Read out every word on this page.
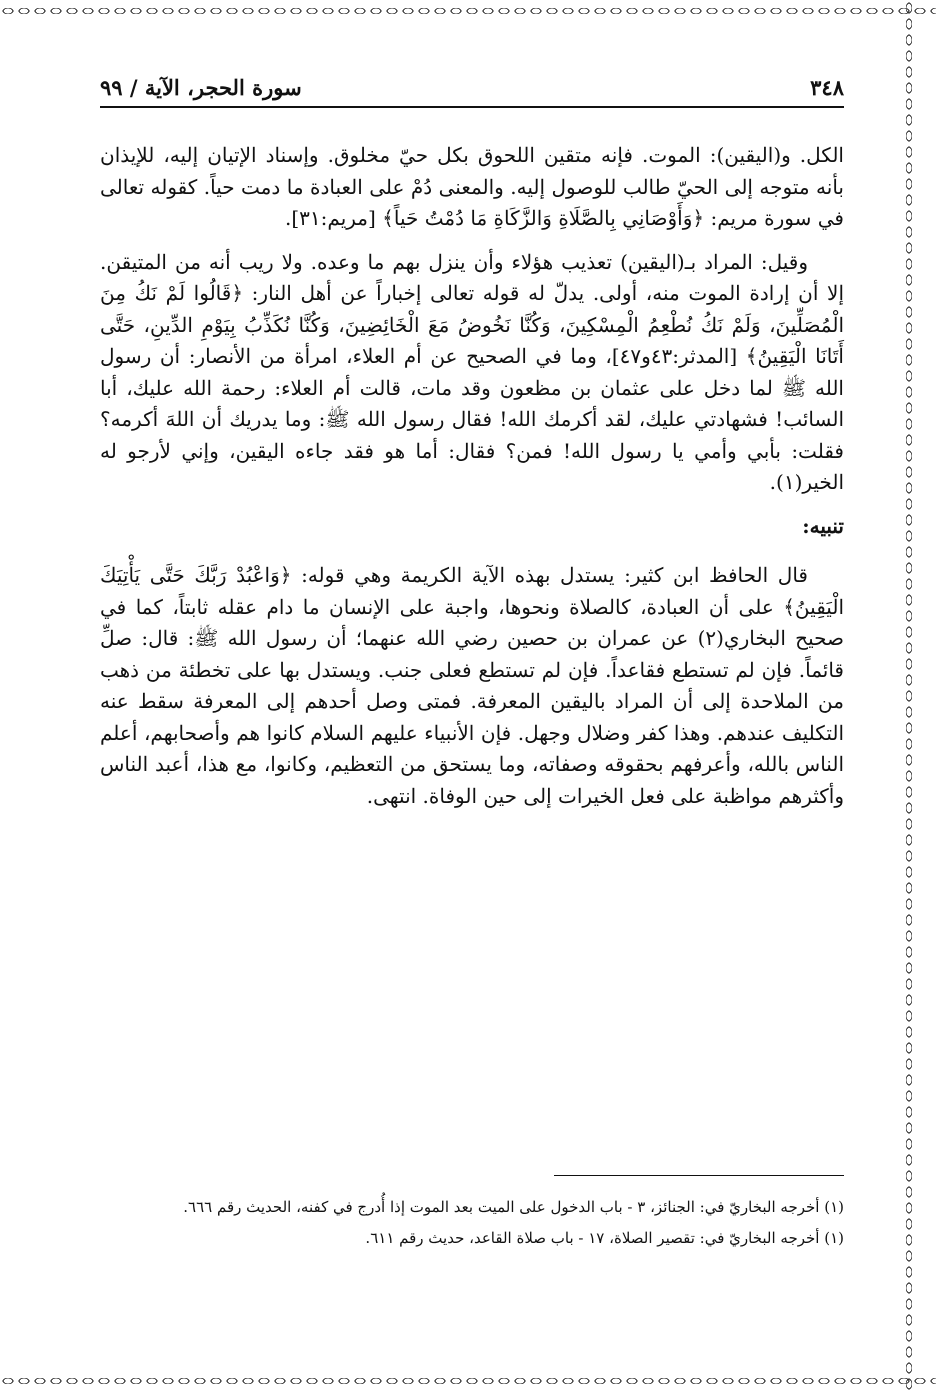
٣٤٨
سورة الحجر، الآية / ٩٩

الكل. و(اليقين): الموت. فإنه متقين اللحوق بكل حيّ مخلوق. وإسناد الإتيان إليه، للإيذان بأنه متوجه إلى الحيّ طالب للوصول إليه. والمعنى دُمْ على العبادة ما دمت حياً. كقوله تعالى في سورة مريم: ﴿وَأَوْصَانِي بِالصَّلَاةِ وَالزَّكَاةِ مَا دُمْتُ حَياً﴾ [مريم:٣١].

وقيل: المراد بـ(اليقين) تعذيب هؤلاء وأن ينزل بهم ما وعده. ولا ريب أنه من المتيقن. إلا أن إرادة الموت منه، أولى. يدلّ له قوله تعالى إخباراً عن أهل النار: ﴿قَالُوا لَمْ نَكُ مِنَ الْمُصَلِّينَ، وَلَمْ نَكُ نُطْعِمُ الْمِسْكِينَ، وَكُنَّا نَخُوضُ مَعَ الْخَائِضِينَ، وَكُنَّا نُكَذِّبُ بِيَوْمِ الدِّينِ، حَتَّى أَتَانَا الْيَقِينُ﴾ [المدثر:٤٣و٤٧]، وما في الصحيح عن أم العلاء، امرأة من الأنصار: أن رسول الله ﷺ لما دخل على عثمان بن مظعون وقد مات، قالت أم العلاء: رحمة الله عليك، أبا السائب! فشهادتي عليك، لقد أكرمك الله! فقال رسول الله ﷺ: وما يدريك أن اللهَ أكرمه؟ فقلت: بأبي وأمي يا رسول الله! فمن؟ فقال: أما هو فقد جاءه اليقين، وإني لأرجو له الخير(١).

تنبيه:

قال الحافظ ابن كثير: يستدل بهذه الآية الكريمة وهي قوله: ﴿وَاعْبُدْ رَبَّكَ حَتَّى يَأْتِيَكَ الْيَقِينُ﴾ على أن العبادة، كالصلاة ونحوها، واجبة على الإنسان ما دام عقله ثابتاً، كما في صحيح البخاري(٢) عن عمران بن حصين رضي الله عنهما؛ أن رسول الله ﷺ: قال: صلِّ قائماً. فإن لم تستطع فقاعداً. فإن لم تستطع فعلى جنب. ويستدل بها على تخطئة من ذهب من الملاحدة إلى أن المراد باليقين المعرفة. فمتى وصل أحدهم إلى المعرفة سقط عنه التكليف عندهم. وهذا كفر وضلال وجهل. فإن الأنبياء عليهم السلام كانوا هم وأصحابهم، أعلم الناس بالله، وأعرفهم بحقوقه وصفاته، وما يستحق من التعظيم، وكانوا، مع هذا، أعبد الناس وأكثرهم مواظبة على فعل الخيرات إلى حين الوفاة. انتهى.

(١) أخرجه البخاريّ في: الجنائز، ٣ - باب الدخول على الميت بعد الموت إذا أُدرج في كفنه، الحديث رقم ٦٦٦.
(١) أخرجه البخاريّ في: تقصير الصلاة، ١٧ - باب صلاة القاعد، حديث رقم ٦١١.
